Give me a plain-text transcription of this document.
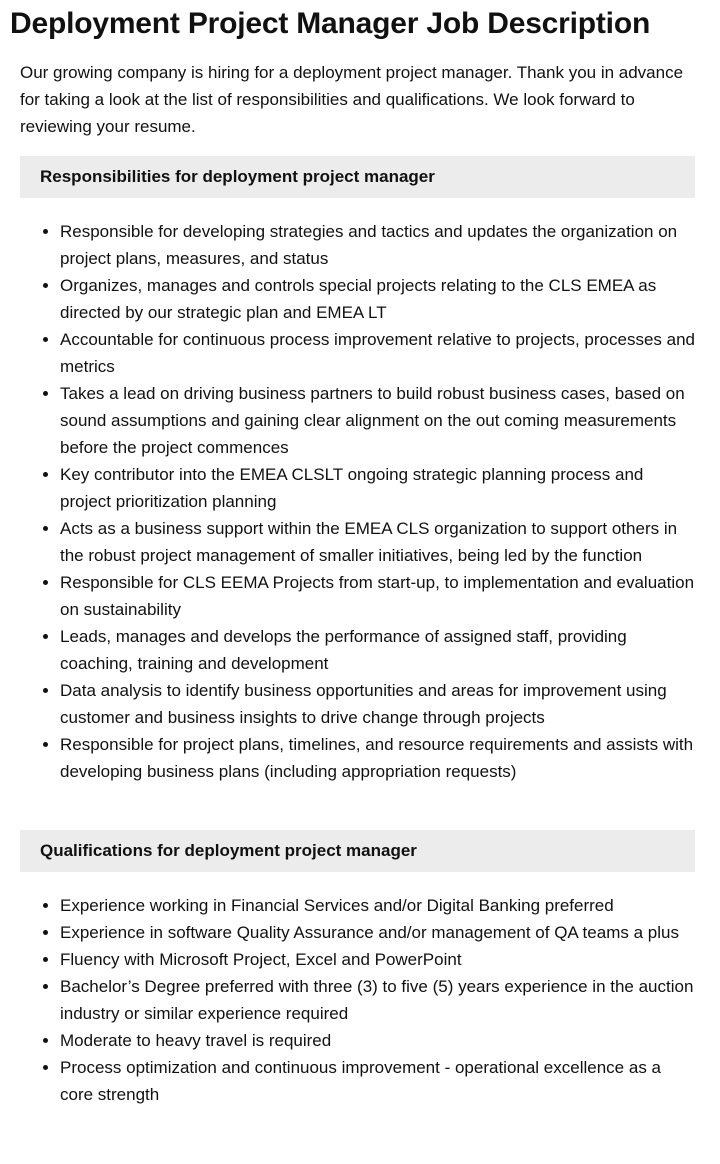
Deployment Project Manager Job Description

Our growing company is hiring for a deployment project manager. Thank you in advance for taking a look at the list of responsibilities and qualifications. We look forward to reviewing your resume.

Responsibilities for deployment project manager
• Responsible for developing strategies and tactics and updates the organization on project plans, measures, and status
• Organizes, manages and controls special projects relating to the CLS EMEA as directed by our strategic plan and EMEA LT
• Accountable for continuous process improvement relative to projects, processes and metrics
• Takes a lead on driving business partners to build robust business cases, based on sound assumptions and gaining clear alignment on the out coming measurements before the project commences
• Key contributor into the EMEA CLSLT ongoing strategic planning process and project prioritization planning
• Acts as a business support within the EMEA CLS organization to support others in the robust project management of smaller initiatives, being led by the function
• Responsible for CLS EEMA Projects from start-up, to implementation and evaluation on sustainability
• Leads, manages and develops the performance of assigned staff, providing coaching, training and development
• Data analysis to identify business opportunities and areas for improvement using customer and business insights to drive change through projects
• Responsible for project plans, timelines, and resource requirements and assists with developing business plans (including appropriation requests)
Qualifications for deployment project manager
• Experience working in Financial Services and/or Digital Banking preferred
• Experience in software Quality Assurance and/or management of QA teams a plus
• Fluency with Microsoft Project, Excel and PowerPoint
• Bachelor’s Degree preferred with three (3) to five (5) years experience in the auction industry or similar experience required
• Moderate to heavy travel is required
• Process optimization and continuous improvement - operational excellence as a core strength
